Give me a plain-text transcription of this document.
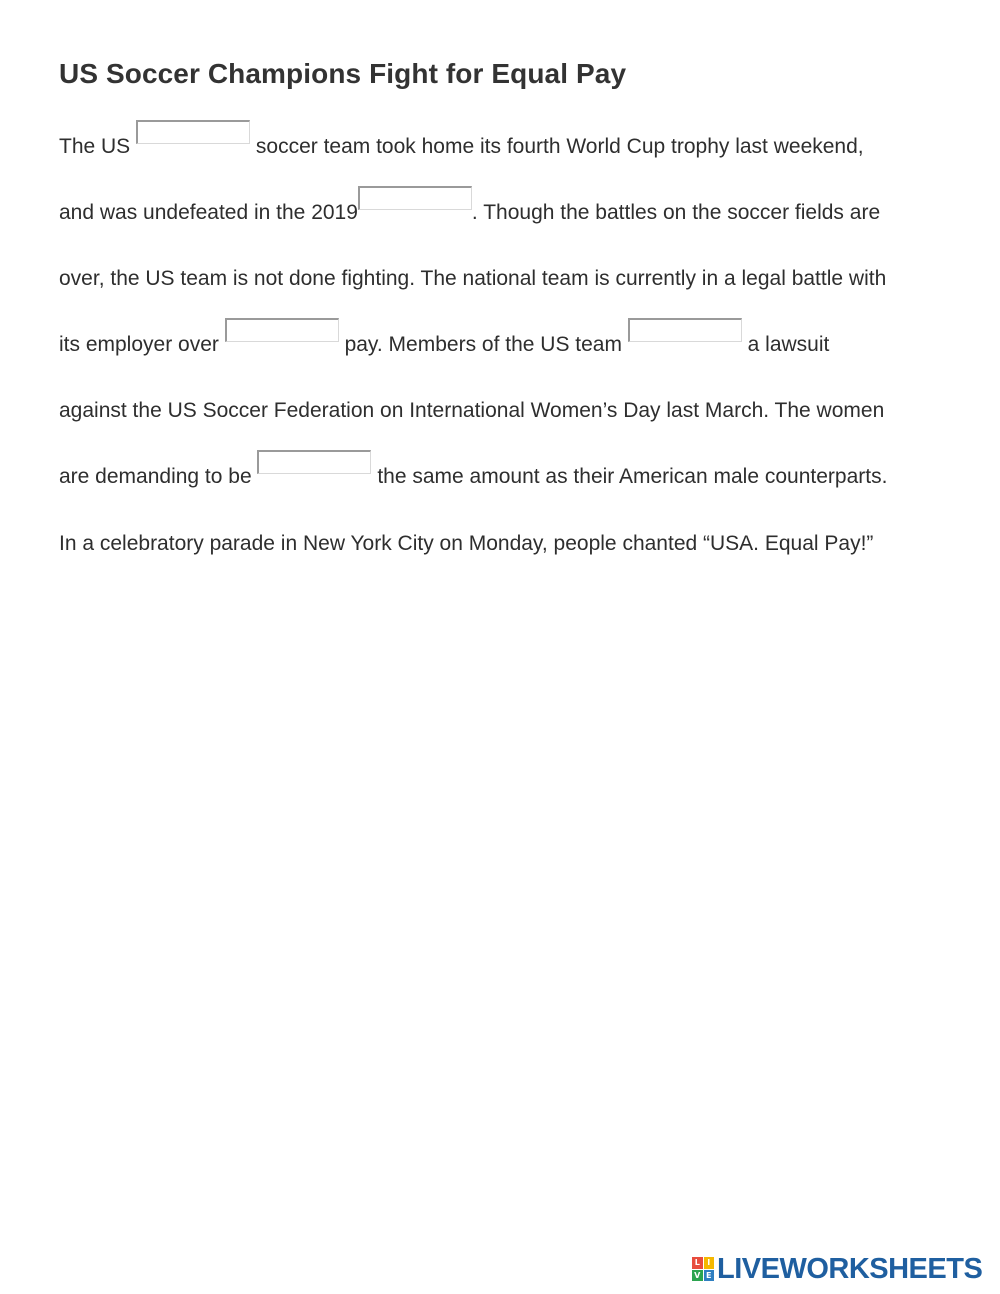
US Soccer Champions Fight for Equal Pay
The US	soccer team took home its fourth World Cup trophy last weekend,
and was undefeated in the 2019	. Though the battles on the soccer fields are
over, the US team is not done fighting. The national team is currently in a legal battle with
its employer over	pay. Members of the US team	a lawsuit
against the US Soccer Federation on International Women’s Day last March. The women
are demanding to be	the same amount as their American male counterparts.
In a celebratory parade in New York City on Monday, people chanted “USA. Equal Pay!”
L I
V E LIVEWORKSHEETS
